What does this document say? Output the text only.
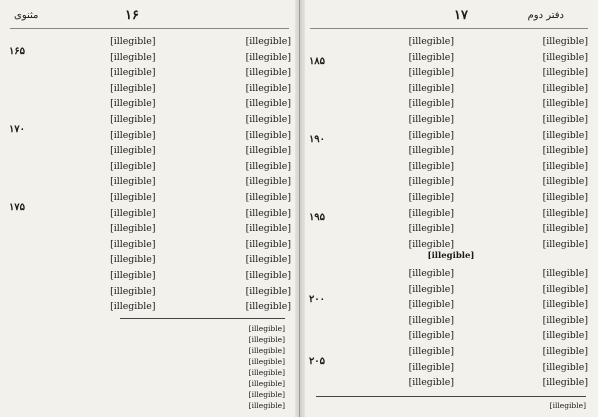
مثنوی	۱۶
۱۶۵
۱۷۰
۱۷۵
[illegible]
[illegible]
[illegible]
[illegible]
[illegible]
[illegible]
[illegible]
[illegible]
[illegible]
[illegible]
[illegible]
[illegible]
[illegible]
[illegible]
[illegible]
[illegible]
[illegible]
[illegible]
[illegible]
[illegible]
[illegible]
[illegible]
[illegible]
[illegible]
[illegible]
[illegible]
[illegible]
[illegible]
[illegible]
[illegible]
[illegible]
[illegible]
[illegible]
[illegible]
[illegible]
[illegible]
[illegible]
[illegible]
[illegible]
[illegible]
[illegible]
[illegible]
[illegible]
[illegible]
دفتر دوم
۱۷
۱۸۵
۱۹۰
۱۹۵
۲۰۰
۲۰۵
[illegible]
[illegible]
[illegible]
[illegible]
[illegible]
[illegible]
[illegible]
[illegible]
[illegible]
[illegible]
[illegible]
[illegible]
[illegible]
[illegible]
[illegible]
[illegible]
[illegible]
[illegible]
[illegible]
[illegible]
[illegible]
[illegible]
[illegible]
[illegible]
[illegible]
[illegible]
[illegible]
[illegible]
[illegible]
[illegible]
[illegible]
[illegible]
[illegible]
[illegible]
[illegible]
[illegible]
[illegible]
[illegible]
[illegible]
[illegible]
[illegible]
[illegible]
[illegible]
[illegible]
[illegible]
[illegible]
